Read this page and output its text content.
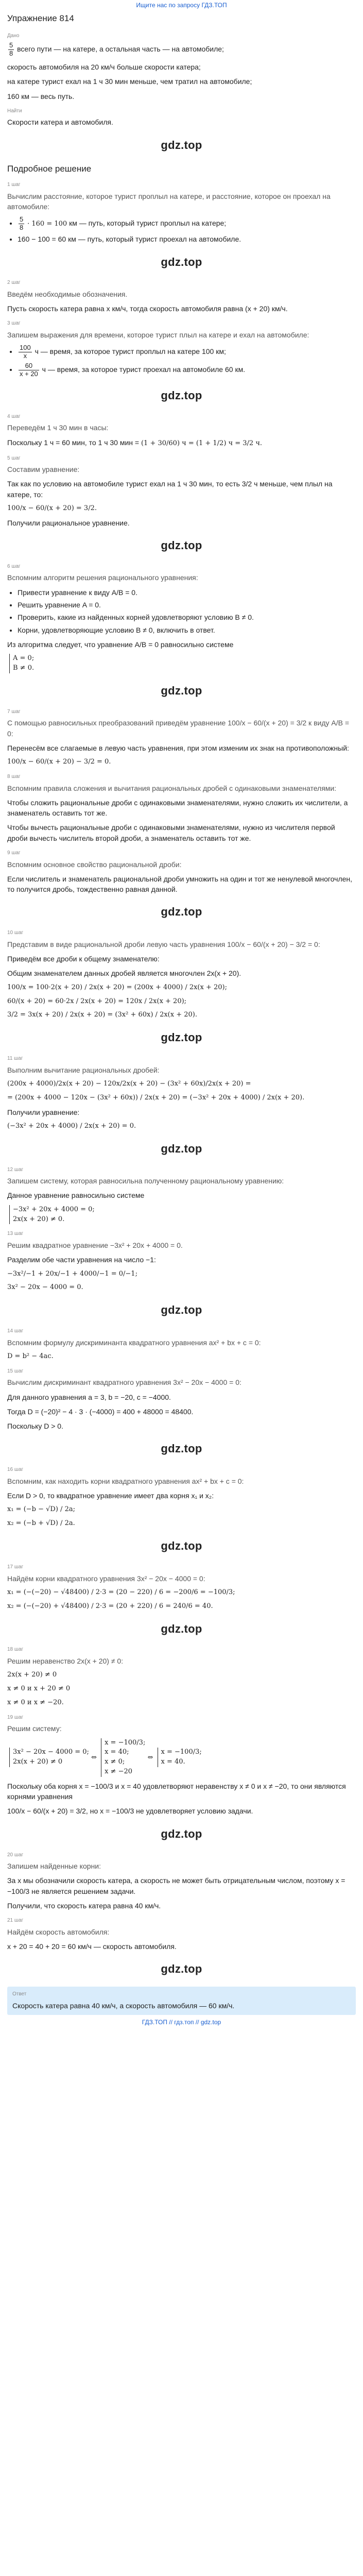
Ищите нас по запросу ГДЗ.ТОП
Упражнение 814
Дано

$\frac{5}{8}$ всего пути — на катере, а остальная часть — на автомобиле;

скорость автомобиля на 20 км/ч больше скорости катера;

на катере турист ехал на 1 ч 30 мин меньше, чем тратил на автомобиле;

160 км — весь путь.

Найти

Скорости катера и автомобиля.

gdz.top
Подробное решение
1 шаг

Вычислим расстояние, которое турист проплыл на катере, и расстояние, которое он проехал на автомобиле:

• $\frac{5}{8} \cdot 160 = 100$ км — путь, который турист проплыл на катере;
• 160 − 100 = 60 км — путь, который турист проехал на автомобиле.
gdz.top
2 шаг

Введём необходимые обозначения.

Пусть скорость катера равна x км/ч, тогда скорость автомобиля равна (x + 20) км/ч.

3 шаг

Запишем выражения для времени, которое турист плыл на катере и ехал на автомобиле:

• $\frac{100}{x}$ ч — время, за которое турист проплыл на катере 100 км;
• $\frac{60}{x + 20}$ ч — время, за которое турист проехал на автомобиле 60 км.
gdz.top
4 шаг

Переведём 1 ч 30 мин в часы:

Поскольку 1 ч = 60 мин, то 1 ч 30 мин = (1 + 30/60) ч = (1 + 1/2) ч = 3/2 ч.

5 шаг

Составим уравнение:

Так как по условию на автомобиле турист ехал на 1 ч 30 мин, то есть 3/2 ч меньше, чем плыл на катере, то:

100/x − 60/(x + 20) = 3/2.

Получили рациональное уравнение.

gdz.top
6 шаг

Вспомним алгоритм решения рационального уравнения:

• Привести уравнение к виду A/B = 0.
• Решить уравнение A = 0.
• Проверить, какие из найденных корней удовлетворяют условию B ≠ 0.
• Корни, удовлетворяющие условию B ≠ 0, включить в ответ.

Из алгоритма следует, что уравнение A/B = 0 равносильно системе

A = 0;
B ≠ 0.
gdz.top
7 шаг

С помощью равносильных преобразований приведём уравнение 100/x − 60/(x + 20) = 3/2 к виду A/B = 0:

Перенесём все слагаемые в левую часть уравнения, при этом изменим их знак на противоположный:

100/x − 60/(x + 20) − 3/2 = 0.
8 шаг

Вспомним правила сложения и вычитания рациональных дробей с одинаковыми знаменателями:

Чтобы сложить рациональные дроби с одинаковыми знаменателями, нужно сложить их числители, а знаменатель оставить тот же.

Чтобы вычесть рациональные дроби с одинаковыми знаменателями, нужно из числителя первой дроби вычесть числитель второй дроби, а знаменатель оставить тот же.

9 шаг

Вспомним основное свойство рациональной дроби:

Если числитель и знаменатель рациональной дроби умножить на один и тот же ненулевой многочлен, то получится дробь, тождественно равная данной.

gdz.top
10 шаг

Представим в виде рациональной дроби левую часть уравнения 100/x − 60/(x + 20) − 3/2 = 0:

Приведём все дроби к общему знаменателю:

Общим знаменателем данных дробей является многочлен 2x(x + 20).

100/x = 100·2(x + 20) / 2x(x + 20) = (200x + 4000) / 2x(x + 20);
60/(x + 20) = 60·2x / 2x(x + 20) = 120x / 2x(x + 20);
3/2 = 3x(x + 20) / 2x(x + 20) = (3x² + 60x) / 2x(x + 20).
gdz.top
11 шаг

Выполним вычитание рациональных дробей:

(200x + 4000)/2x(x + 20) − 120x/2x(x + 20) − (3x² + 60x)/2x(x + 20) =
= (200x + 4000 − 120x − (3x² + 60x)) / 2x(x + 20) = (−3x² + 20x + 4000) / 2x(x + 20).

Получили уравнение:

(−3x² + 20x + 4000) / 2x(x + 20) = 0.
gdz.top
12 шаг

Запишем систему, которая равносильна полученному рациональному уравнению:

Данное уравнение равносильно системе

−3x² + 20x + 4000 = 0;
2x(x + 20) ≠ 0.
13 шаг

Решим квадратное уравнение −3x² + 20x + 4000 = 0.

Разделим обе части уравнения на число −1:

−3x²/−1 + 20x/−1 + 4000/−1 = 0/−1;
3x² − 20x − 4000 = 0.
gdz.top
14 шаг

Вспомним формулу дискриминанта квадратного уравнения ax² + bx + c = 0:

D = b² − 4ac.
15 шаг

Вычислим дискриминант квадратного уравнения 3x² − 20x − 4000 = 0:

Для данного уравнения a = 3, b = −20, c = −4000.

Тогда D = (−20)² − 4 · 3 · (−4000) = 400 + 48000 = 48400.

Поскольку D > 0.

gdz.top
16 шаг

Вспомним, как находить корни квадратного уравнения ax² + bx + c = 0:

Если D > 0, то квадратное уравнение имеет два корня x₁ и x₂:

x₁ = (−b − √D) / 2a;
x₂ = (−b + √D) / 2a.
gdz.top
17 шаг

Найдём корни квадратного уравнения 3x² − 20x − 4000 = 0:

x₁ = (−(−20) − √48400) / 2·3 = (20 − 220) / 6 = −200/6 = −100/3;
x₂ = (−(−20) + √48400) / 2·3 = (20 + 220) / 6 = 240/6 = 40.
gdz.top
18 шаг

Решим неравенство 2x(x + 20) ≠ 0:

2x(x + 20) ≠ 0
x ≠ 0 и x + 20 ≠ 0
x ≠ 0 и x ≠ −20.
19 шаг

Решим систему:

3x² − 20x − 4000 = 0;
2x(x + 20) ≠ 0
⇔
x = −100/3;
x = 40;
x ≠ 0;
x ≠ −20
⇔
x = −100/3;
x = 40.

Поскольку оба корня x = −100/3 и x = 40 удовлетворяют неравенству x ≠ 0 и x ≠ −20, то они являются корнями уравнения

100/x − 60/(x + 20) = 3/2, но x = −100/3 не удовлетворяет условию задачи.

gdz.top
20 шаг

Запишем найденные корни:

За x мы обозначили скорость катера, а скорость не может быть отрицательным числом, поэтому x = −100/3 не является решением задачи.

Получили, что скорость катера равна 40 км/ч.

21 шаг

Найдём скорость автомобиля:

x + 20 = 40 + 20 = 60 км/ч — скорость автомобиля.

gdz.top
Ответ
Скорость катера равна 40 км/ч, а скорость автомобиля — 60 км/ч.
ГДЗ.ТОП // гдз.топ // gdz.top
